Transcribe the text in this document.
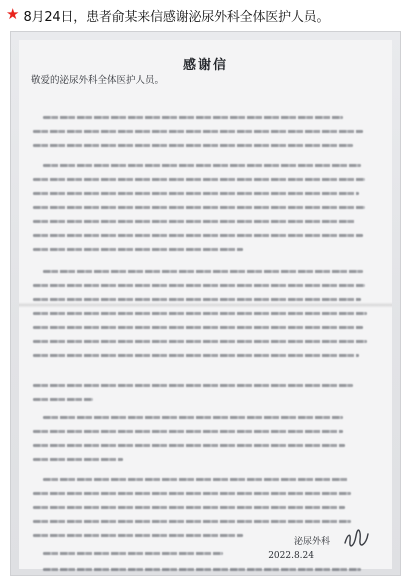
★ 8月24日，患者俞某来信感谢泌尿外科全体医护人员。
感谢信
敬爱的泌尿外科全体医护人员。
泌尿外科
2022.8.24
